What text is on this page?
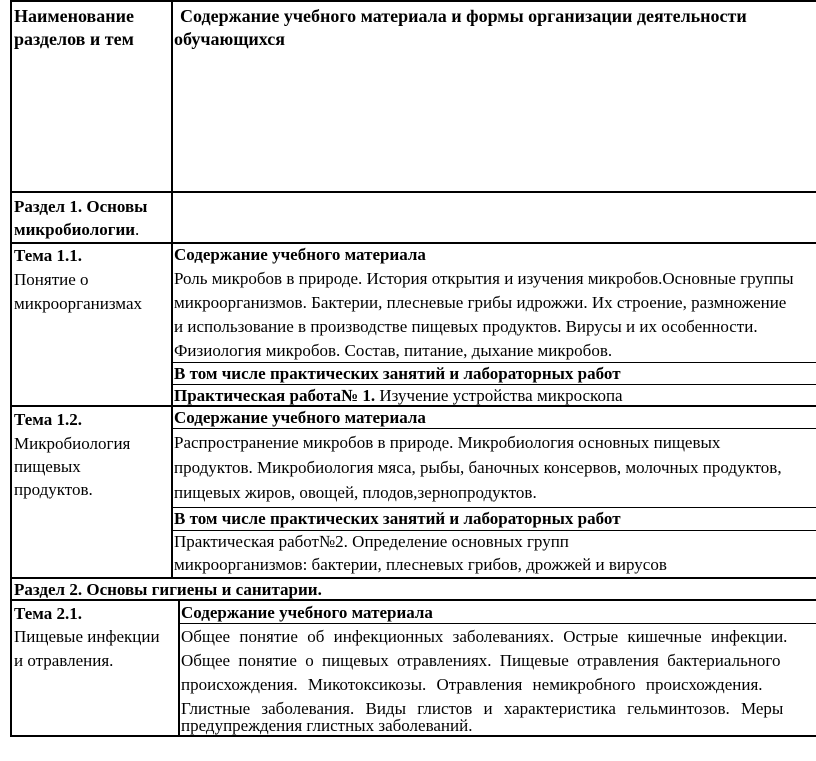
Наименование
разделов и тем
Содержание учебного материала и формы организации деятельности
обучающихся
Раздел 1. Основы
микробиологии.
Тема 1.1.
Понятие о
микроорганизмах
Содержание учебного материала
Роль микробов в природе. История открытия и изучения микробов.Основные группы
микроорганизмов. Бактерии, плесневые грибы идрожжи. Их строение, размножение
и использование в производстве пищевых продуктов. Вирусы и их особенности.
Физиология микробов. Состав, питание, дыхание микробов.
В том числе практических занятий и лабораторных работ
Практическая работа№ 1. Изучение устройства микроскопа
Тема 1.2.
Микробиология
пищевых
продуктов.
Содержание учебного материала
Распространение микробов в природе. Микробиология основных пищевых
продуктов. Микробиология мяса, рыбы, баночных консервов, молочных продуктов,
пищевых жиров, овощей, плодов,зернопродуктов.
В том числе практических занятий и лабораторных работ
Практическая работ№2. Определение основных групп
микроорганизмов: бактерии, плесневых грибов, дрожжей и вирусов
Раздел 2. Основы гигиены и санитарии.
Тема 2.1.
Пищевые инфекции
и отравления.
Содержание учебного материала
Общее понятие об инфекционных заболеваниях. Острые кишечные инфекции.
Общее понятие о пищевых отравлениях. Пищевые отравления бактериального
происхождения. Микотоксикозы. Отравления немикробного происхождения.
Глистные заболевания. Виды глистов и характеристика гельминтозов. Меры
предупреждения глистных заболеваний.
